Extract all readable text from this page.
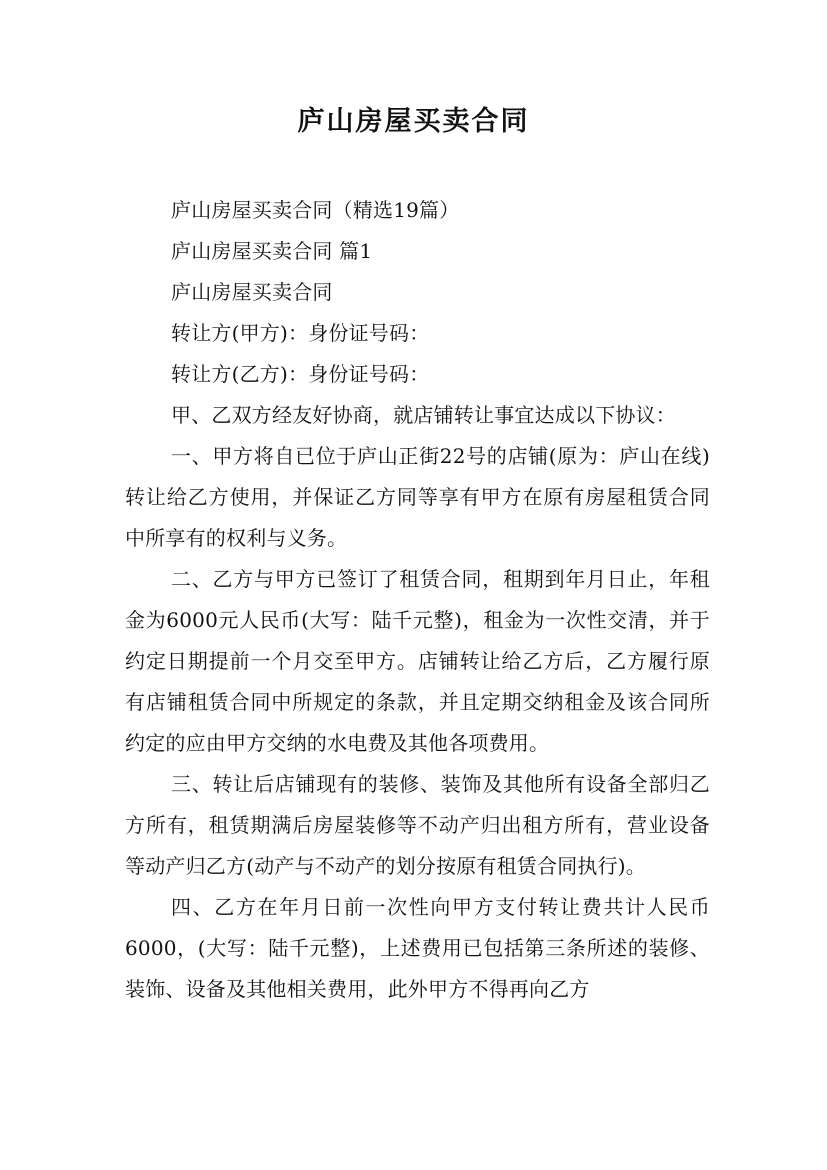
庐山房屋买卖合同

庐山房屋买卖合同（精选19篇）

庐山房屋买卖合同 篇1

庐山房屋买卖合同

转让方(甲方)：身份证号码：

转让方(乙方)：身份证号码：

甲、乙双方经友好协商，就店铺转让事宜达成以下协议：

一、甲方将自已位于庐山正街22号的店铺(原为：庐山在线)转让给乙方使用，并保证乙方同等享有甲方在原有房屋租赁合同中所享有的权利与义务。

二、乙方与甲方已签订了租赁合同，租期到年月日止，年租金为6000元人民币(大写：陆千元整)，租金为一次性交清，并于约定日期提前一个月交至甲方。店铺转让给乙方后，乙方履行原有店铺租赁合同中所规定的条款，并且定期交纳租金及该合同所约定的应由甲方交纳的水电费及其他各项费用。

三、转让后店铺现有的装修、装饰及其他所有设备全部归乙方所有，租赁期满后房屋装修等不动产归出租方所有，营业设备等动产归乙方(动产与不动产的划分按原有租赁合同执行)。

四、乙方在年月日前一次性向甲方支付转让费共计人民币6000，(大写：陆千元整)，上述费用已包括第三条所述的装修、装饰、设备及其他相关费用，此外甲方不得再向乙方
